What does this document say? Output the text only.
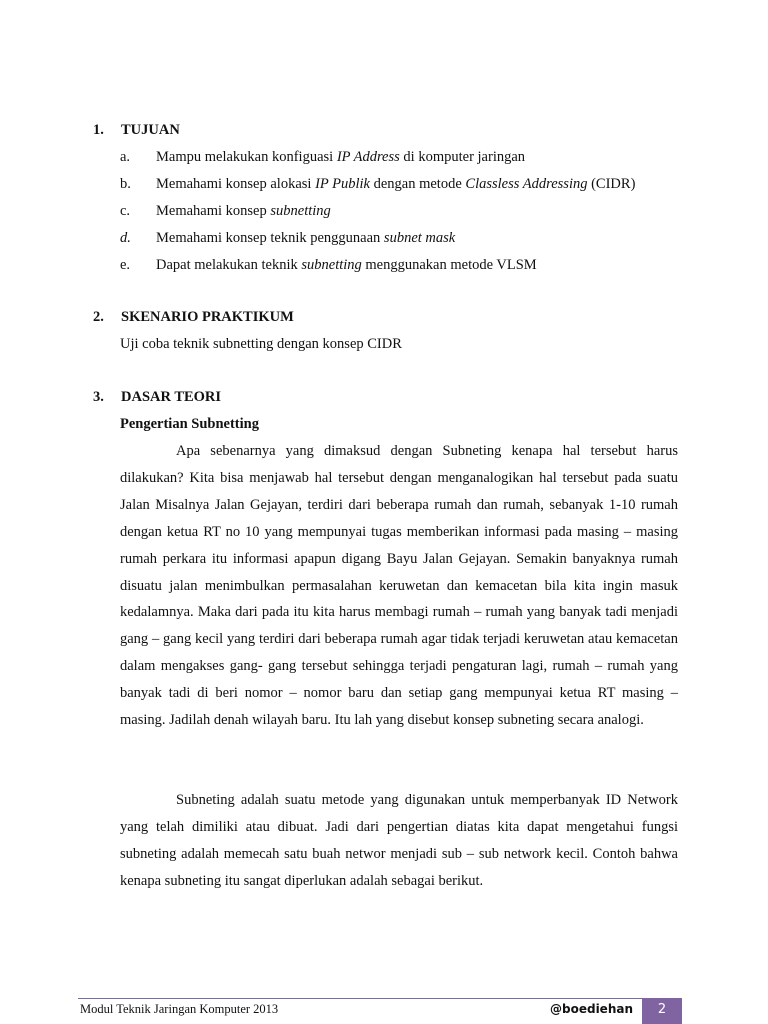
1. TUJUAN
a. Mampu melakukan konfiguasi IP Address di komputer jaringan
b. Memahami konsep alokasi IP Publik dengan metode Classless Addressing (CIDR)
c. Memahami konsep subnetting
d. Memahami konsep teknik penggunaan subnet mask
e. Dapat melakukan teknik subnetting menggunakan metode VLSM
2. SKENARIO PRAKTIKUM
Uji coba teknik subnetting dengan konsep CIDR
3. DASAR TEORI
Pengertian Subnetting

Apa sebenarnya yang dimaksud dengan Subneting kenapa hal tersebut harus dilakukan? Kita bisa menjawab hal tersebut dengan menganalogikan hal tersebut pada suatu Jalan Misalnya Jalan Gejayan, terdiri dari beberapa rumah dan rumah, sebanyak 1-10 rumah dengan ketua RT no 10 yang mempunyai tugas memberikan informasi pada masing – masing rumah perkara itu informasi apapun digang Bayu Jalan Gejayan. Semakin banyaknya rumah disuatu jalan menimbulkan permasalahan keruwetan dan kemacetan bila kita ingin masuk kedalamnya. Maka dari pada itu kita harus membagi rumah – rumah yang banyak tadi menjadi gang – gang kecil yang terdiri dari beberapa rumah agar tidak terjadi keruwetan atau kemacetan dalam mengakses gang- gang tersebut sehingga terjadi pengaturan lagi, rumah – rumah yang banyak tadi di beri nomor – nomor baru dan setiap gang mempunyai ketua RT masing – masing. Jadilah denah wilayah baru. Itu lah yang disebut konsep subneting secara analogi.

Subneting adalah suatu metode yang digunakan untuk memperbanyak ID Network yang telah dimiliki atau dibuat. Jadi dari pengertian diatas kita dapat mengetahui fungsi subneting adalah memecah satu buah networ menjadi sub – sub network kecil. Contoh bahwa kenapa subneting itu sangat diperlukan adalah sebagai berikut.

Modul Teknik Jaringan Komputer 2013	@boediehan	2
